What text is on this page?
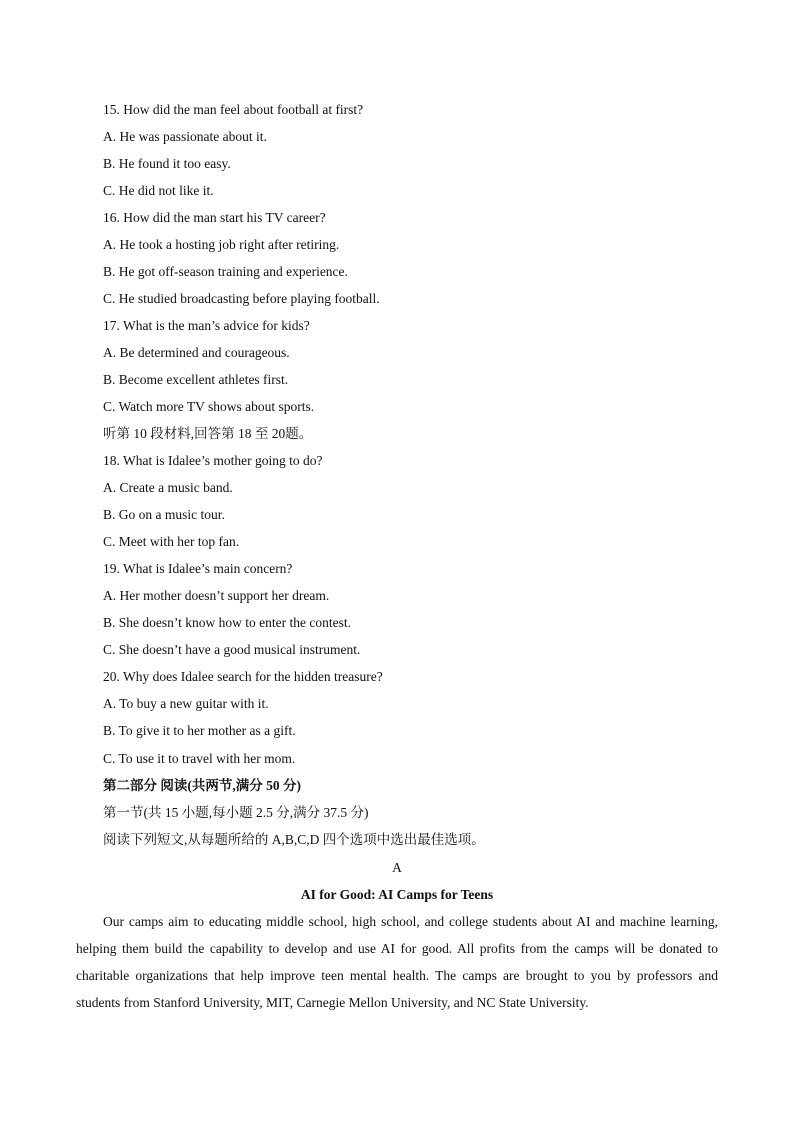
15. How did the man feel about football at first?
A. He was passionate about it.
B. He found it too easy.
C. He did not like it.
16. How did the man start his TV career?
A. He took a hosting job right after retiring.
B. He got off-season training and experience.
C. He studied broadcasting before playing football.
17. What is the man’s advice for kids?
A. Be determined and courageous.
B. Become excellent athletes first.
C. Watch more TV shows about sports.
听第 10 段材料,回答第 18 至 20题。
18. What is Idalee’s mother going to do?
A. Create a music band.
B. Go on a music tour.
C. Meet with her top fan.
19. What is Idalee’s main concern?
A. Her mother doesn’t support her dream.
B. She doesn’t know how to enter the contest.
C. She doesn’t have a good musical instrument.
20. Why does Idalee search for the hidden treasure?
A. To buy a new guitar with it.
B. To give it to her mother as a gift.
C. To use it to travel with her mom.
第二部分 阅读(共两节,满分 50 分)
第一节(共 15 小题,每小题 2.5 分,满分 37.5 分)
阅读下列短文,从每题所给的 A,B,C,D 四个选项中选出最佳选项。
A
AI for Good: AI Camps for Teens
Our camps aim to educating middle school, high school, and college students about AI and machine learning, helping them build the capability to develop and use AI for good. All profits from the camps will be donated to charitable organizations that help improve teen mental health. The camps are brought to you by professors and students from Stanford University, MIT, Carnegie Mellon University, and NC State University.
